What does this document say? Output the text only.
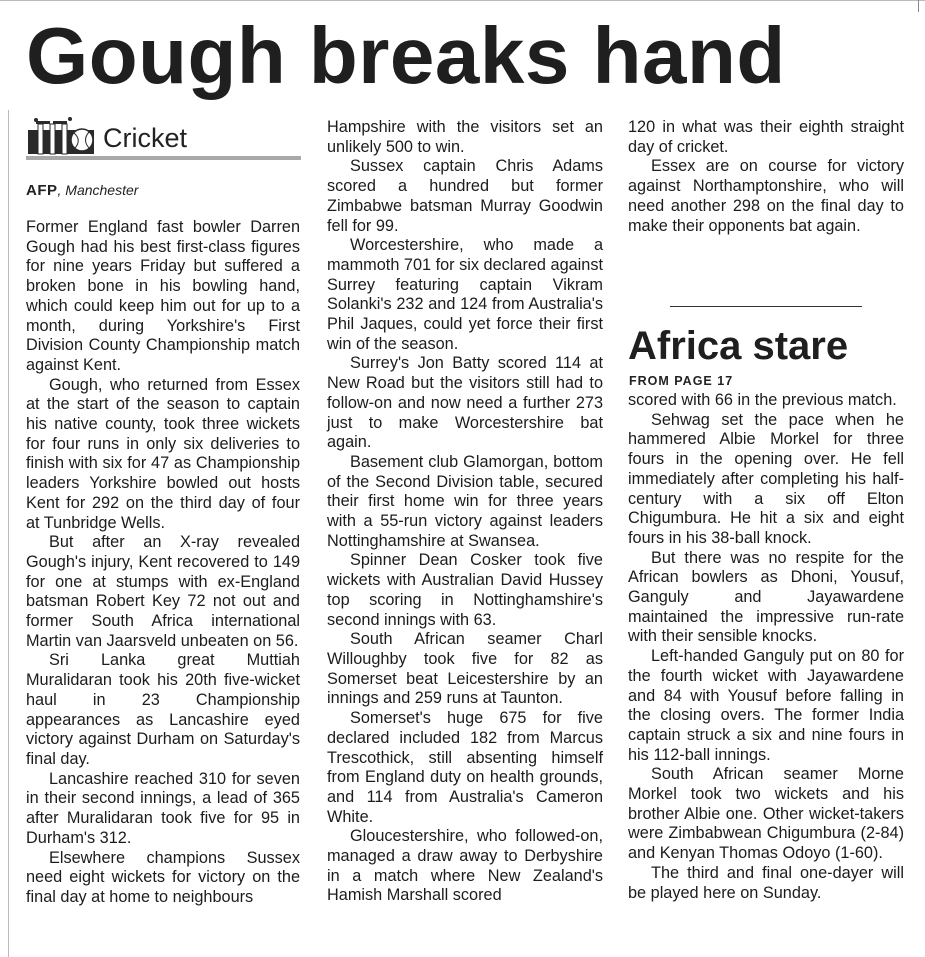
Gough breaks hand
Cricket
AFP, Manchester

Former England fast bowler Darren Gough had his best first-class figures for nine years Friday but suffered a broken bone in his bowling hand, which could keep him out for up to a month, during Yorkshire's First Division County Championship match against Kent.

Gough, who returned from Essex at the start of the season to captain his native county, took three wickets for four runs in only six deliveries to finish with six for 47 as Championship leaders Yorkshire bowled out hosts Kent for 292 on the third day of four at Tunbridge Wells.

But after an X-ray revealed Gough's injury, Kent recovered to 149 for one at stumps with ex-England batsman Robert Key 72 not out and former South Africa international Martin van Jaarsveld unbeaten on 56.

Sri Lanka great Muttiah Muralidaran took his 20th five-wicket haul in 23 Championship appearances as Lancashire eyed victory against Durham on Saturday's final day.

Lancashire reached 310 for seven in their second innings, a lead of 365 after Muralidaran took five for 95 in Durham's 312.

Elsewhere champions Sussex need eight wickets for victory on the final day at home to neighbours

Hampshire with the visitors set an unlikely 500 to win.

Sussex captain Chris Adams scored a hundred but former Zimbabwe batsman Murray Goodwin fell for 99.

Worcestershire, who made a mammoth 701 for six declared against Surrey featuring captain Vikram Solanki's 232 and 124 from Australia's Phil Jaques, could yet force their first win of the season.

Surrey's Jon Batty scored 114 at New Road but the visitors still had to follow-on and now need a further 273 just to make Worcestershire bat again.

Basement club Glamorgan, bottom of the Second Division table, secured their first home win for three years with a 55-run victory against leaders Nottinghamshire at Swansea.

Spinner Dean Cosker took five wickets with Australian David Hussey top scoring in Nottinghamshire's second innings with 63.

South African seamer Charl Willoughby took five for 82 as Somerset beat Leicestershire by an innings and 259 runs at Taunton.

Somerset's huge 675 for five declared included 182 from Marcus Trescothick, still absenting himself from England duty on health grounds, and 114 from Australia's Cameron White.

Gloucestershire, who followed-on, managed a draw away to Derbyshire in a match where New Zealand's Hamish Marshall scored

120 in what was their eighth straight day of cricket.

Essex are on course for victory against Northamptonshire, who will need another 298 on the final day to make their opponents bat again.

Africa stare
FROM PAGE 17

scored with 66 in the previous match.

Sehwag set the pace when he hammered Albie Morkel for three fours in the opening over. He fell immediately after completing his half-century with a six off Elton Chigumbura. He hit a six and eight fours in his 38-ball knock.

But there was no respite for the African bowlers as Dhoni, Yousuf, Ganguly and Jayawardene maintained the impressive run-rate with their sensible knocks.

Left-handed Ganguly put on 80 for the fourth wicket with Jayawardene and 84 with Yousuf before falling in the closing overs. The former India captain struck a six and nine fours in his 112-ball innings.

South African seamer Morne Morkel took two wickets and his brother Albie one. Other wicket-takers were Zimbabwean Chigumbura (2-84) and Kenyan Thomas Odoyo (1-60).

The third and final one-dayer will be played here on Sunday.
